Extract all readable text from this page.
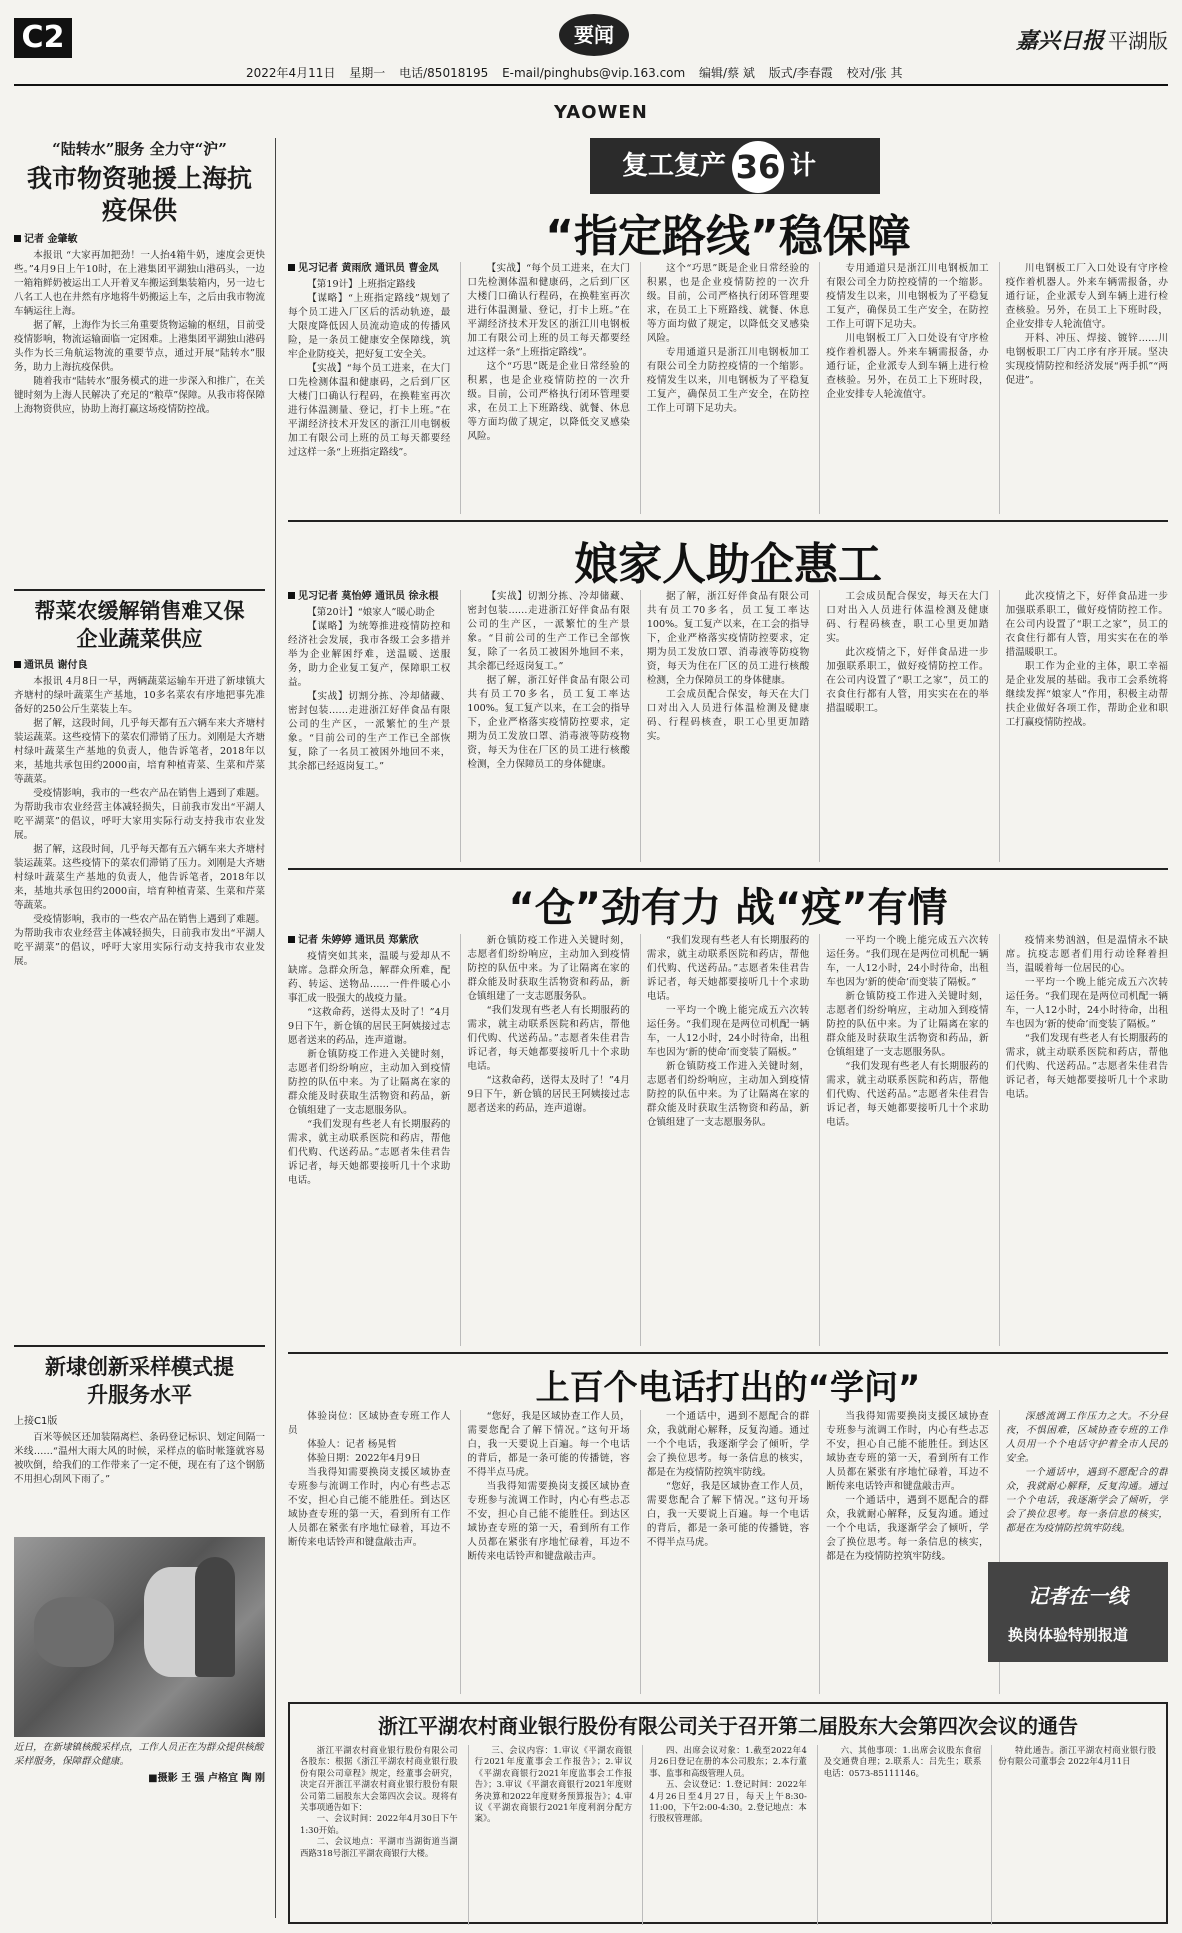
C2	要闻	嘉兴日报 平湖版
2022年4月11日 星期一 电话/85018195 E-mail/pinghubs@vip.163.com 编辑/蔡 斌 版式/李春霞 校对/张 其
YAOWEN
“陆转水”服务 全力守“沪”
我市物资驰援上海抗疫保供
记者 金肇敏

本报讯 “大家再加把劲！一人抬4箱牛奶，速度会更快些。”4月9日上午10时，在上港集团平湖独山港码头，一边一箱箱鲜奶被运出工人开着叉车搬运到集装箱内，另一边七八名工人也在井然有序地将牛奶搬运上车，之后由我市物流车辆运往上海。

据了解，上海作为长三角重要货物运输的枢纽，目前受疫情影响，物流运输面临一定困难。上港集团平湖独山港码头作为长三角航运物流的重要节点，通过开展“陆转水”服务，助力上海抗疫保供。

随着我市“陆转水”服务模式的进一步深入和推广，在关键时刻为上海人民解决了充足的“粮草”保障。从我市将保障上海物资供应，协助上海打赢这场疫情防控战。

帮菜农缓解销售难又保企业蔬菜供应
通讯员 谢付良

本报讯 4月8日一早，两辆蔬菜运输车开进了新埭镇大齐塘村的绿叶蔬菜生产基地，10多名菜农有序地把事先准备好的250公斤生菜装上车。

据了解，这段时间，几乎每天都有五六辆车来大齐塘村装运蔬菜。这些疫情下的菜农们滞销了压力。刘刚是大齐塘村绿叶蔬菜生产基地的负责人，他告诉笔者，2018年以来，基地共承包田约2000亩，培育种植青菜、生菜和芹菜等蔬菜。

受疫情影响，我市的一些农产品在销售上遇到了难题。为帮助我市农业经营主体减轻损失，日前我市发出“平湖人吃平湖菜”的倡议，呼吁大家用实际行动支持我市农业发展。

据了解，这段时间，几乎每天都有五六辆车来大齐塘村装运蔬菜。这些疫情下的菜农们滞销了压力。刘刚是大齐塘村绿叶蔬菜生产基地的负责人，他告诉笔者，2018年以来，基地共承包田约2000亩，培育种植青菜、生菜和芹菜等蔬菜。

受疫情影响，我市的一些农产品在销售上遇到了难题。为帮助我市农业经营主体减轻损失，日前我市发出“平湖人吃平湖菜”的倡议，呼吁大家用实际行动支持我市农业发展。

新埭创新采样模式提升服务水平
上接C1版

百米等候区还加装隔离栏、条码登记标识、划定间隔一米线……“温州大雨大风的时候，采样点的临时帐篷就容易被吹倒，给我们的工作带来了一定不便，现在有了这个钢筋不用担心刮风下雨了。”

近日，在新埭镇核酸采样点，工作人员正在为群众提供核酸采样服务，保障群众健康。
■摄影 王 强 卢格宜 陶 刚
复工复产 36 计
“指定路线”稳保障
见习记者 黄雨欣 通讯员 曹金凤

【第19计】上班指定路线

【谋略】“上班指定路线”规划了每个员工进入厂区后的活动轨迹，最大限度降低因人员流动造成的传播风险，是一条员工健康安全保障线，筑牢企业防疫关，把好复工安全关。

【实战】“每个员工进来，在大门口先检测体温和健康码，之后到厂区大楼门口确认行程码，在换鞋室再次进行体温测量、登记，打卡上班。”在平湖经济技术开发区的浙江川电钢板加工有限公司上班的员工每天都要经过这样一条“上班指定路线”。

【实战】“每个员工进来，在大门口先检测体温和健康码，之后到厂区大楼门口确认行程码，在换鞋室再次进行体温测量、登记，打卡上班。”在平湖经济技术开发区的浙江川电钢板加工有限公司上班的员工每天都要经过这样一条“上班指定路线”。

这个“巧思”既是企业日常经验的积累，也是企业疫情防控的一次升级。目前，公司严格执行闭环管理要求，在员工上下班路线、就餐、休息等方面均做了规定，以降低交叉感染风险。

这个“巧思”既是企业日常经验的积累，也是企业疫情防控的一次升级。目前，公司严格执行闭环管理要求，在员工上下班路线、就餐、休息等方面均做了规定，以降低交叉感染风险。

专用通道只是浙江川电钢板加工有限公司全力防控疫情的一个缩影。疫情发生以来，川电钢板为了平稳复工复产，确保员工生产安全，在防控工作上可谓下足功夫。

专用通道只是浙江川电钢板加工有限公司全力防控疫情的一个缩影。疫情发生以来，川电钢板为了平稳复工复产，确保员工生产安全，在防控工作上可谓下足功夫。

川电钢板工厂入口处设有守序检疫作着机器人。外来车辆需报备，办通行证，企业派专人到车辆上进行检查核验。另外，在员工上下班时段，企业安排专人轮流值守。

川电钢板工厂入口处设有守序检疫作着机器人。外来车辆需报备，办通行证，企业派专人到车辆上进行检查核验。另外，在员工上下班时段，企业安排专人轮流值守。

开料、冲压、焊接、镀锌……川电钢板职工厂内工序有序开展。坚决实现疫情防控和经济发展“两手抓”“两促进”。

娘家人助企惠工
见习记者 莫怡婷 通讯员 徐永根

【第20计】“娘家人”暖心助企

【谋略】为统筹推进疫情防控和经济社会发展，我市各级工会多措并举为企业解困纾难，送温暖、送服务，助力企业复工复产，保障职工权益。

【实战】切割分拣、冷却储藏、密封包装……走进浙江好伴食品有限公司的生产区，一派繁忙的生产景象。“目前公司的生产工作已全部恢复，除了一名员工被困外地回不来，其余都已经返岗复工。”

【实战】切割分拣、冷却储藏、密封包装……走进浙江好伴食品有限公司的生产区，一派繁忙的生产景象。“目前公司的生产工作已全部恢复，除了一名员工被困外地回不来，其余都已经返岗复工。”

据了解，浙江好伴食品有限公司共有员工70多名，员工复工率达100%。复工复产以来，在工会的指导下，企业严格落实疫情防控要求，定期为员工发放口罩、消毒液等防疫物资，每天为住在厂区的员工进行核酸检测，全力保障员工的身体健康。

据了解，浙江好伴食品有限公司共有员工70多名，员工复工率达100%。复工复产以来，在工会的指导下，企业严格落实疫情防控要求，定期为员工发放口罩、消毒液等防疫物资，每天为住在厂区的员工进行核酸检测，全力保障员工的身体健康。

工会成员配合保安，每天在大门口对出入人员进行体温检测及健康码、行程码核查，职工心里更加踏实。

工会成员配合保安，每天在大门口对出入人员进行体温检测及健康码、行程码核查，职工心里更加踏实。

此次疫情之下，好伴食品进一步加强联系职工，做好疫情防控工作。在公司内设置了“职工之家”，员工的衣食住行都有人管，用实实在在的举措温暖职工。

此次疫情之下，好伴食品进一步加强联系职工，做好疫情防控工作。在公司内设置了“职工之家”，员工的衣食住行都有人管，用实实在在的举措温暖职工。

职工作为企业的主体，职工幸福是企业发展的基础。我市工会系统将继续发挥“娘家人”作用，积极主动帮扶企业做好各项工作，帮助企业和职工打赢疫情防控战。

“仓”劲有力 战“疫”有情
记者 朱婷婷 通讯员 郑紫欣

疫情突如其来，温暖与爱却从不缺席。急群众所急，解群众所难，配药、转运、送物品……一件件暖心小事汇成一股强大的战疫力量。

“这救命药，送得太及时了！”4月9日下午，新仓镇的居民王阿姨接过志愿者送来的药品，连声道谢。

新仓镇防疫工作进入关键时刻，志愿者们纷纷响应，主动加入到疫情防控的队伍中来。为了让隔离在家的群众能及时获取生活物资和药品，新仓镇组建了一支志愿服务队。

“我们发现有些老人有长期服药的需求，就主动联系医院和药店，帮他们代购、代送药品。”志愿者朱佳君告诉记者，每天她都要接听几十个求助电话。

新仓镇防疫工作进入关键时刻，志愿者们纷纷响应，主动加入到疫情防控的队伍中来。为了让隔离在家的群众能及时获取生活物资和药品，新仓镇组建了一支志愿服务队。

“我们发现有些老人有长期服药的需求，就主动联系医院和药店，帮他们代购、代送药品。”志愿者朱佳君告诉记者，每天她都要接听几十个求助电话。

“这救命药，送得太及时了！”4月9日下午，新仓镇的居民王阿姨接过志愿者送来的药品，连声道谢。

“我们发现有些老人有长期服药的需求，就主动联系医院和药店，帮他们代购、代送药品。”志愿者朱佳君告诉记者，每天她都要接听几十个求助电话。

一平均一个晚上能完成五六次转运任务。“我们现在是两位司机配一辆车，一人12小时，24小时待命，出租车也因为‘新的使命’而变装了隔板。”

新仓镇防疫工作进入关键时刻，志愿者们纷纷响应，主动加入到疫情防控的队伍中来。为了让隔离在家的群众能及时获取生活物资和药品，新仓镇组建了一支志愿服务队。

一平均一个晚上能完成五六次转运任务。“我们现在是两位司机配一辆车，一人12小时，24小时待命，出租车也因为‘新的使命’而变装了隔板。”

新仓镇防疫工作进入关键时刻，志愿者们纷纷响应，主动加入到疫情防控的队伍中来。为了让隔离在家的群众能及时获取生活物资和药品，新仓镇组建了一支志愿服务队。

“我们发现有些老人有长期服药的需求，就主动联系医院和药店，帮他们代购、代送药品。”志愿者朱佳君告诉记者，每天她都要接听几十个求助电话。

疫情来势汹汹，但是温情永不缺席。抗疫志愿者们用行动诠释着担当，温暖着每一位居民的心。

一平均一个晚上能完成五六次转运任务。“我们现在是两位司机配一辆车，一人12小时，24小时待命，出租车也因为‘新的使命’而变装了隔板。”

“我们发现有些老人有长期服药的需求，就主动联系医院和药店，帮他们代购、代送药品。”志愿者朱佳君告诉记者，每天她都要接听几十个求助电话。

上百个电话打出的“学问”

体验岗位：区域协查专班工作人员

体验人：记者 杨晃哲

体验日期：2022年4月9日

当我得知需要换岗支援区域协查专班参与流调工作时，内心有些忐忑不安，担心自己能不能胜任。到达区域协查专班的第一天，看到所有工作人员都在紧张有序地忙碌着，耳边不断传来电话铃声和键盘敲击声。

“您好，我是区域协查工作人员，需要您配合了解下情况。”这句开场白，我一天要说上百遍。每一个电话的背后，都是一条可能的传播链，容不得半点马虎。

当我得知需要换岗支援区域协查专班参与流调工作时，内心有些忐忑不安，担心自己能不能胜任。到达区域协查专班的第一天，看到所有工作人员都在紧张有序地忙碌着，耳边不断传来电话铃声和键盘敲击声。

一个通话中，遇到不愿配合的群众，我就耐心解释，反复沟通。通过一个个电话，我逐渐学会了倾听，学会了换位思考。每一条信息的核实，都是在为疫情防控筑牢防线。

“您好，我是区域协查工作人员，需要您配合了解下情况。”这句开场白，我一天要说上百遍。每一个电话的背后，都是一条可能的传播链，容不得半点马虎。

当我得知需要换岗支援区域协查专班参与流调工作时，内心有些忐忑不安，担心自己能不能胜任。到达区域协查专班的第一天，看到所有工作人员都在紧张有序地忙碌着，耳边不断传来电话铃声和键盘敲击声。

一个通话中，遇到不愿配合的群众，我就耐心解释，反复沟通。通过一个个电话，我逐渐学会了倾听，学会了换位思考。每一条信息的核实，都是在为疫情防控筑牢防线。

深感流调工作压力之大。不分昼夜，不惧困难，区域协查专班的工作人员用一个个电话守护着全市人民的安全。

一个通话中，遇到不愿配合的群众，我就耐心解释，反复沟通。通过一个个电话，我逐渐学会了倾听，学会了换位思考。每一条信息的核实，都是在为疫情防控筑牢防线。

记者在一线
换岗体验特别报道
浙江平湖农村商业银行股份有限公司关于召开第二届股东大会第四次会议的通告

浙江平湖农村商业银行股份有限公司各股东：根据《浙江平湖农村商业银行股份有限公司章程》规定，经董事会研究，决定召开浙江平湖农村商业银行股份有限公司第二届股东大会第四次会议。现将有关事项通告如下：

一、会议时间：2022年4月30日下午1:30开始。

二、会议地点：平湖市当湖街道当湖西路318号浙江平湖农商银行大楼。

三、会议内容：1.审议《平湖农商银行2021年度董事会工作报告》；2.审议《平湖农商银行2021年度监事会工作报告》；3.审议《平湖农商银行2021年度财务决算和2022年度财务预算报告》；4.审议《平湖农商银行2021年度利润分配方案》。

四、出席会议对象：1.截至2022年4月26日登记在册的本公司股东；2.本行董事、监事和高级管理人员。

五、会议登记：1.登记时间：2022年4月26日至4月27日，每天上午8:30-11:00，下午2:00-4:30。2.登记地点：本行股权管理部。

六、其他事项：1.出席会议股东食宿及交通费自理；2.联系人：吕先生；联系电话：0573-85111146。

特此通告。浙江平湖农村商业银行股份有限公司董事会 2022年4月11日
